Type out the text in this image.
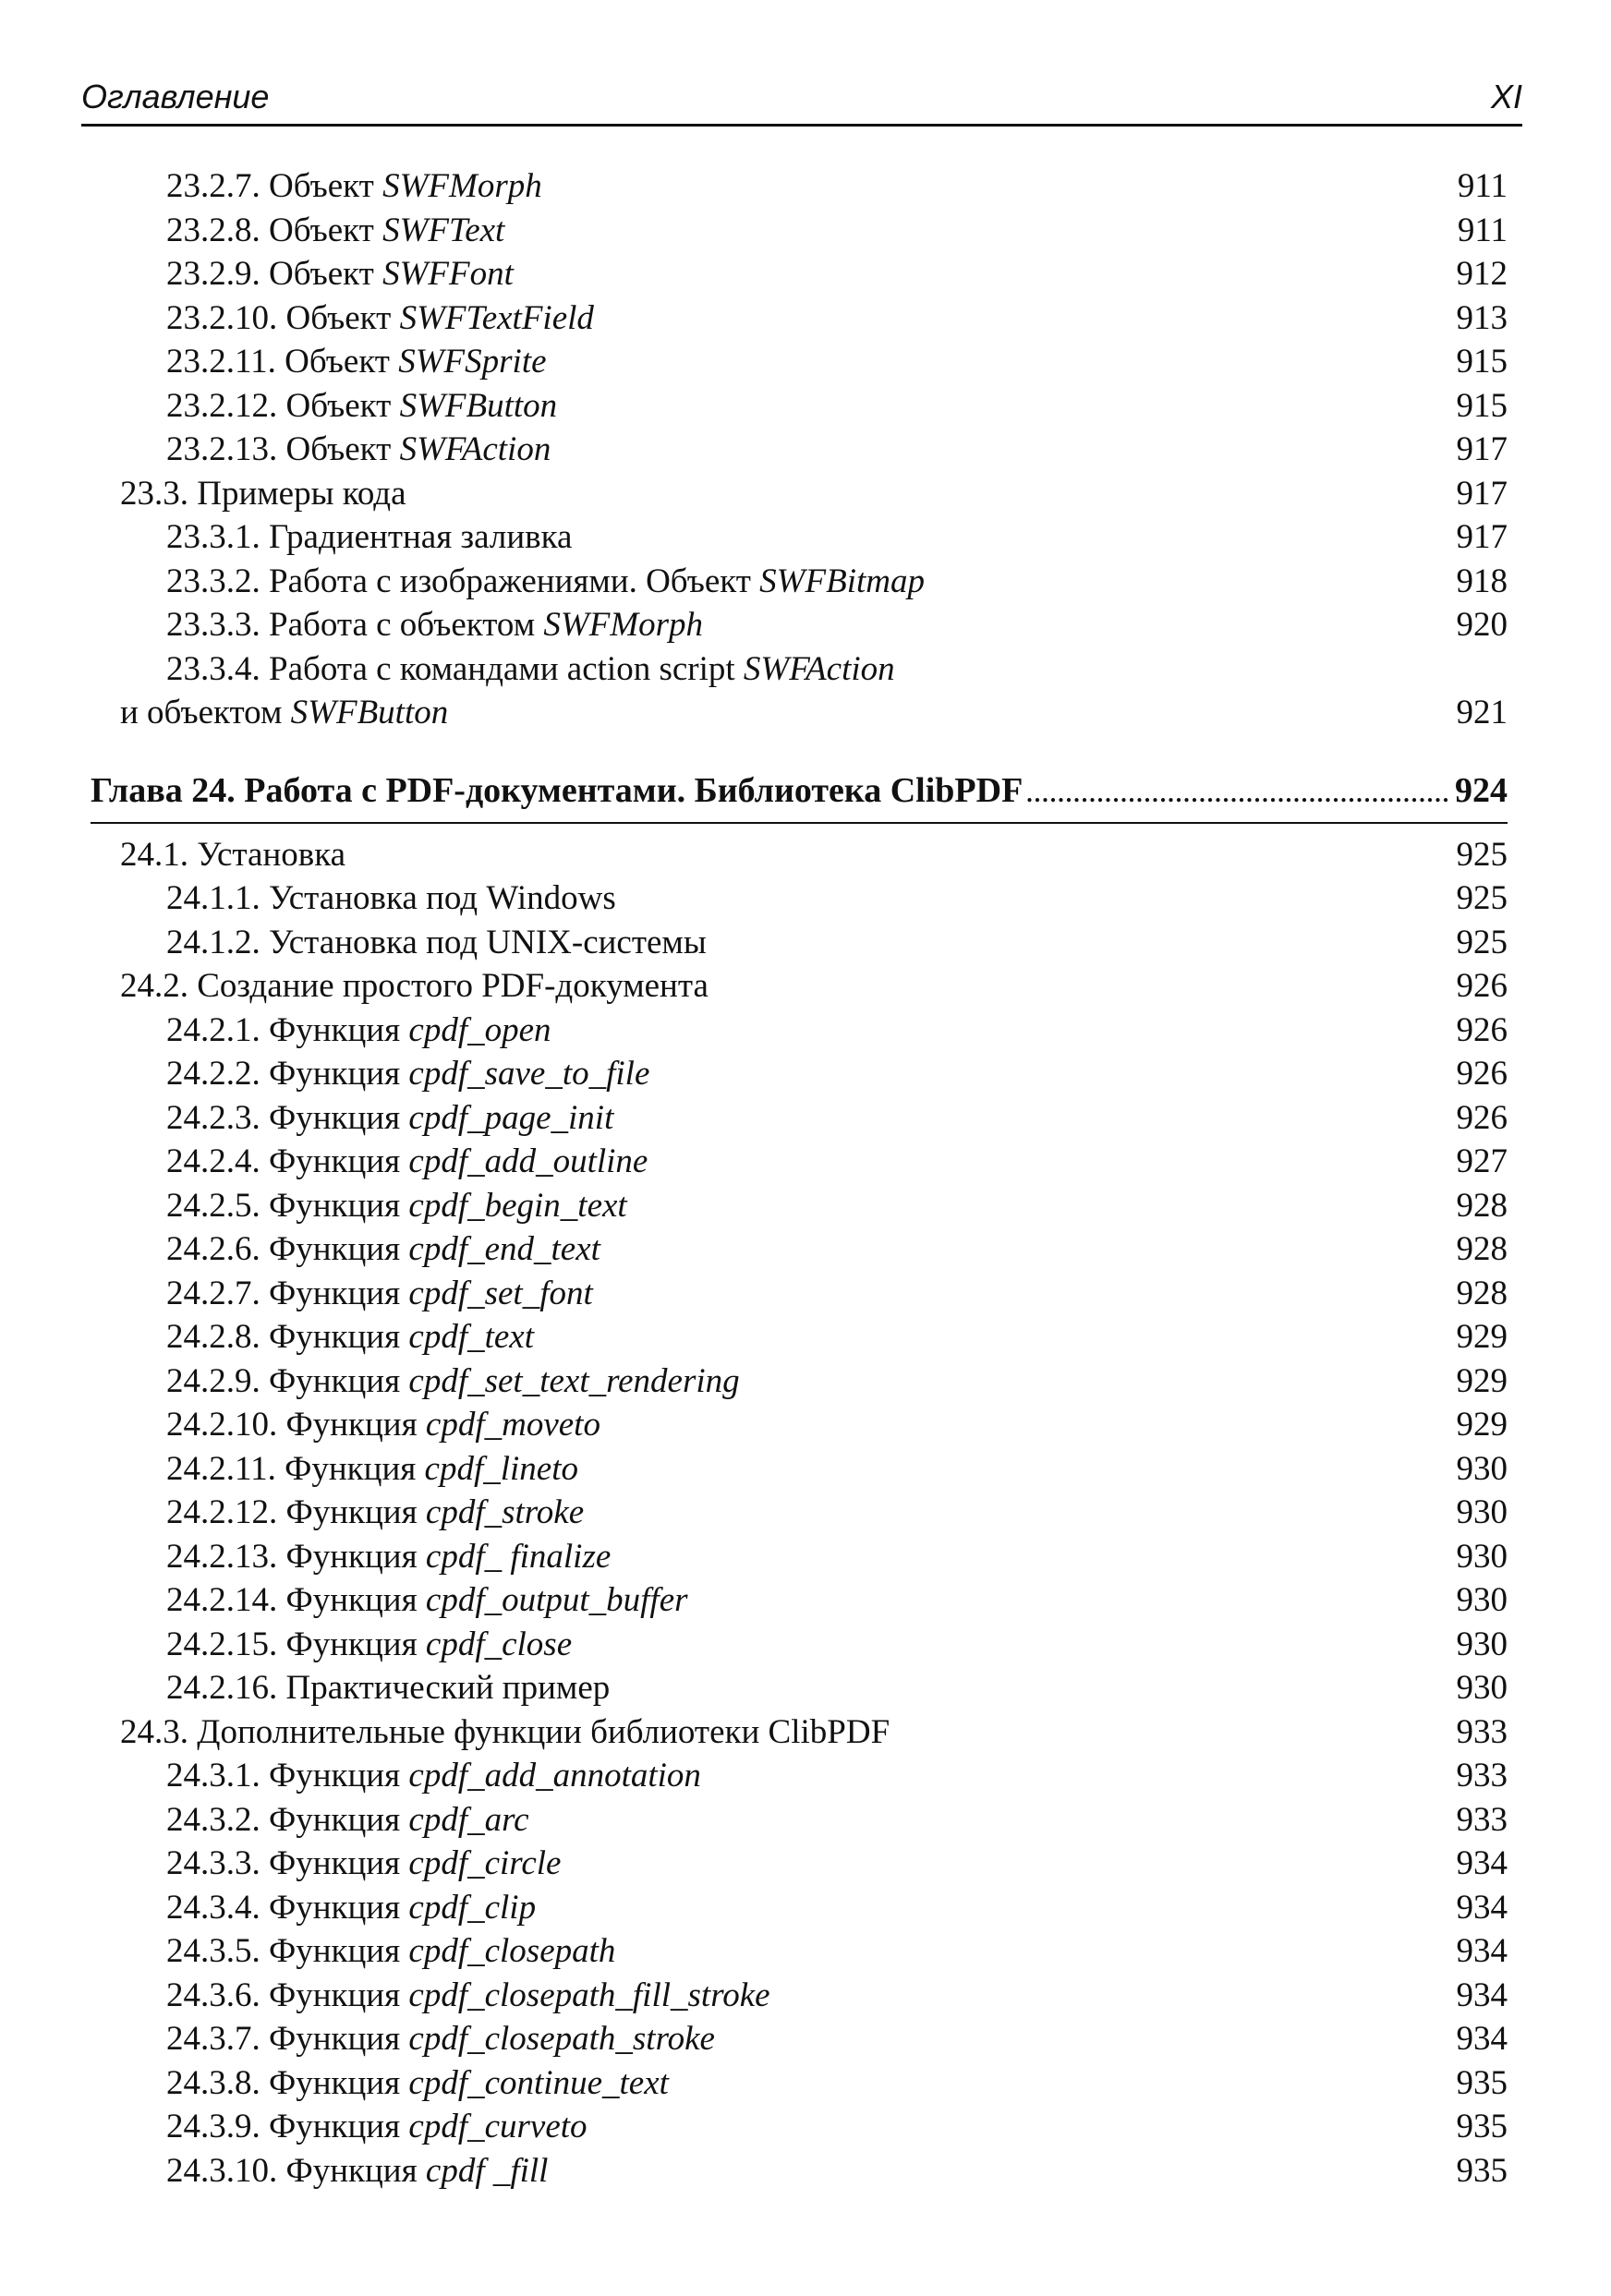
Оглавление	XI
23.2.7. Объект SWFMorph .....	911
23.2.8. Объект SWFText .....	911
23.2.9. Объект SWFFont .....	912
23.2.10. Объект SWFTextField .....	913
23.2.11. Объект SWFSprite .....	915
23.2.12. Объект SWFButton .....	915
23.2.13. Объект SWFAction .....	917
23.3. Примеры кода .....	917
23.3.1. Градиентная заливка .....	917
23.3.2. Работа с изображениями. Объект SWFBitmap .....	918
23.3.3. Работа с объектом SWFMorph .....	920
23.3.4. Работа с командами action script SWFAction
и объектом SWFButton .....	921
Глава 24. Работа с PDF-документами. Библиотека ClibPDF .....	924
24.1. Установка .....	925
24.1.1. Установка под Windows .....	925
24.1.2. Установка под UNIX-системы .....	925
24.2. Создание простого PDF-документа .....	926
24.2.1. Функция cpdf_open .....	926
24.2.2. Функция cpdf_save_to_file .....	926
24.2.3. Функция cpdf_page_init .....	926
24.2.4. Функция cpdf_add_outline .....	927
24.2.5. Функция cpdf_begin_text .....	928
24.2.6. Функция cpdf_end_text .....	928
24.2.7. Функция cpdf_set_font .....	928
24.2.8. Функция cpdf_text .....	929
24.2.9. Функция cpdf_set_text_rendering .....	929
24.2.10. Функция cpdf_moveto .....	929
24.2.11. Функция cpdf_lineto .....	930
24.2.12. Функция cpdf_stroke .....	930
24.2.13. Функция cpdf_ finalize .....	930
24.2.14. Функция cpdf_output_buffer .....	930
24.2.15. Функция cpdf_close .....	930
24.2.16. Практический пример .....	930
24.3. Дополнительные функции библиотеки ClibPDF .....	933
24.3.1. Функция cpdf_add_annotation .....	933
24.3.2. Функция cpdf_arc .....	933
24.3.3. Функция cpdf_circle .....	934
24.3.4. Функция cpdf_clip .....	934
24.3.5. Функция cpdf_closepath .....	934
24.3.6. Функция cpdf_closepath_fill_stroke .....	934
24.3.7. Функция cpdf_closepath_stroke .....	934
24.3.8. Функция cpdf_continue_text .....	935
24.3.9. Функция cpdf_curveto .....	935
24.3.10. Функция cpdf _fill .....	935
